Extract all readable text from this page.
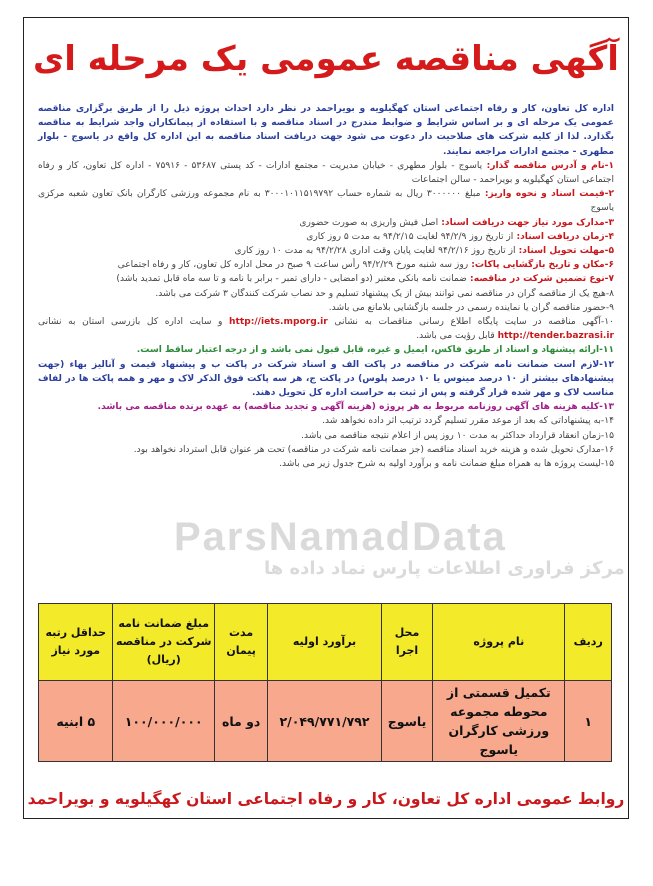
آگهی مناقصه عمومی یک مرحله ای
ParsNamadData
مرکز فراوری اطلاعات پارس نماد داده ها
اداره کل تعاون، کار و رفاه اجتماعی استان کهگیلویه و بویراحمد در نظر دارد احداث پروژه ذیل را از طریق برگزاری مناقصه عمومی یک مرحله ای و بر اساس شرایط و ضوابط مندرج در اسناد مناقصه و با استفاده از پیمانکاران واجد شرایط به مناقصه بگذارد. لذا از کلیه شرکت های صلاحیت دار دعوت می شود جهت دریافت اسناد مناقصه به این اداره کل واقع در یاسوج - بلوار مطهری - مجتمع ادارات مراجعه نمایند.
۱-نام و آدرس مناقصه گذار: یاسوج - بلوار مطهری - خیابان مدیریت - مجتمع ادارات - کد پستی ۵۳۶۸۷ - ۷۵۹۱۶ - اداره کل تعاون، کار و رفاه اجتماعی استان کهگیلویه و بویراحمد - سالن اجتماعات
۲-قیمت اسناد و نحوه واریز: مبلغ ۳۰۰۰۰۰۰ ریال به شماره حساب ۳۰۰۰۱۰۱۱۵۱۹۷۹۲ به نام مجموعه ورزشی کارگران بانک تعاون شعبه مرکزی یاسوج
۳-مدارک مورد نیاز جهت دریافت اسناد: اصل فیش واریزی به صورت حضوری
۴-زمان دریافت اسناد: از تاریخ روز ۹۴/۲/۹ لغایت ۹۴/۲/۱۵ به مدت ۵ روز کاری
۵-مهلت تحویل اسناد: از تاریخ روز ۹۴/۲/۱۶ لغایت پایان وقت اداری ۹۴/۲/۲۸ به مدت ۱۰ روز کاری
۶-مکان و تاریخ بازگشایی پاکات: روز سه شنبه مورخ ۹۴/۲/۲۹ رأس ساعت ۹ صبح در محل اداره کل تعاون، کار و رفاه اجتماعی
۷-نوع تضمین شرکت در مناقصه: ضمانت نامه بانکی معتبر (دو امضایی - دارای تمبر - برابر با نامه و تا سه ماه قابل تمدید باشد)
۸-هیچ یک از مناقصه گران در مناقصه نمی توانند بیش از یک پیشنهاد تسلیم و حد نصاب شرکت کنندگان ۳ شرکت می باشد.
۹-حضور مناقصه گران یا نماینده رسمی در جلسه بازگشایی بلامانع می باشد.
۱۰-آگهی مناقصه در سایت پایگاه اطلاع رسانی مناقصات به نشانی http://iets.mporg.ir و سایت اداره کل بازرسی استان به نشانی http://tender.bazrasi.ir قابل رؤیت می باشد.
۱۱-ارائه پیشنهاد و اسناد از طریق فاکس، ایمیل و غیره، قابل قبول نمی باشد و از درجه اعتبار ساقط است.
۱۲-لازم است ضمانت نامه شرکت در مناقصه در پاکت الف و اسناد شرکت در پاکت ب و پیشنهاد قیمت و آنالیز بهاء (جهت پیشنهادهای بیشتر از ۱۰ درصد مینوس یا ۱۰ درصد پلوس) در پاکت ج، هر سه پاکت فوق الذکر لاک و مهر و همه پاکت ها در لفاف مناسب لاک و مهر شده قرار گرفته و پس از ثبت به حراست اداره کل تحویل دهند.
۱۳-کلیه هزینه های آگهی روزنامه مربوط به هر پروژه (هزینه آگهی و تجدید مناقصه) به عهده برنده مناقصه می باشد.
۱۴-به پیشنهاداتی که بعد از موعد مقرر تسلیم گردد ترتیب اثر داده نخواهد شد.
۱۵-زمان انعقاد قرارداد حداکثر به مدت ۱۰ روز پس از اعلام نتیجه مناقصه می باشد.
۱۶-مدارک تحویل شده و هزینه خرید اسناد مناقصه (جز ضمانت نامه شرکت در مناقصه) تحت هر عنوان قابل استرداد نخواهد بود.
۱۵-لیست پروژه ها به همراه مبلغ ضمانت نامه و برآورد اولیه به شرح جدول زیر می باشد.
ردیف	نام پروژه	محل اجرا	برآورد اولیه	مدت پیمان	مبلغ ضمانت نامه شرکت در مناقصه (ریال)	حداقل رتبه مورد نیاز
۱	تکمیل قسمتی از محوطه مجموعه ورزشی کارگران یاسوج	یاسوج	۲/۰۴۹/۷۷۱/۷۹۲	دو ماه	۱۰۰/۰۰۰/۰۰۰	۵ ابنیه
روابط عمومی اداره کل تعاون، کار و رفاه اجتماعی استان کهگیلویه و بویراحمد
